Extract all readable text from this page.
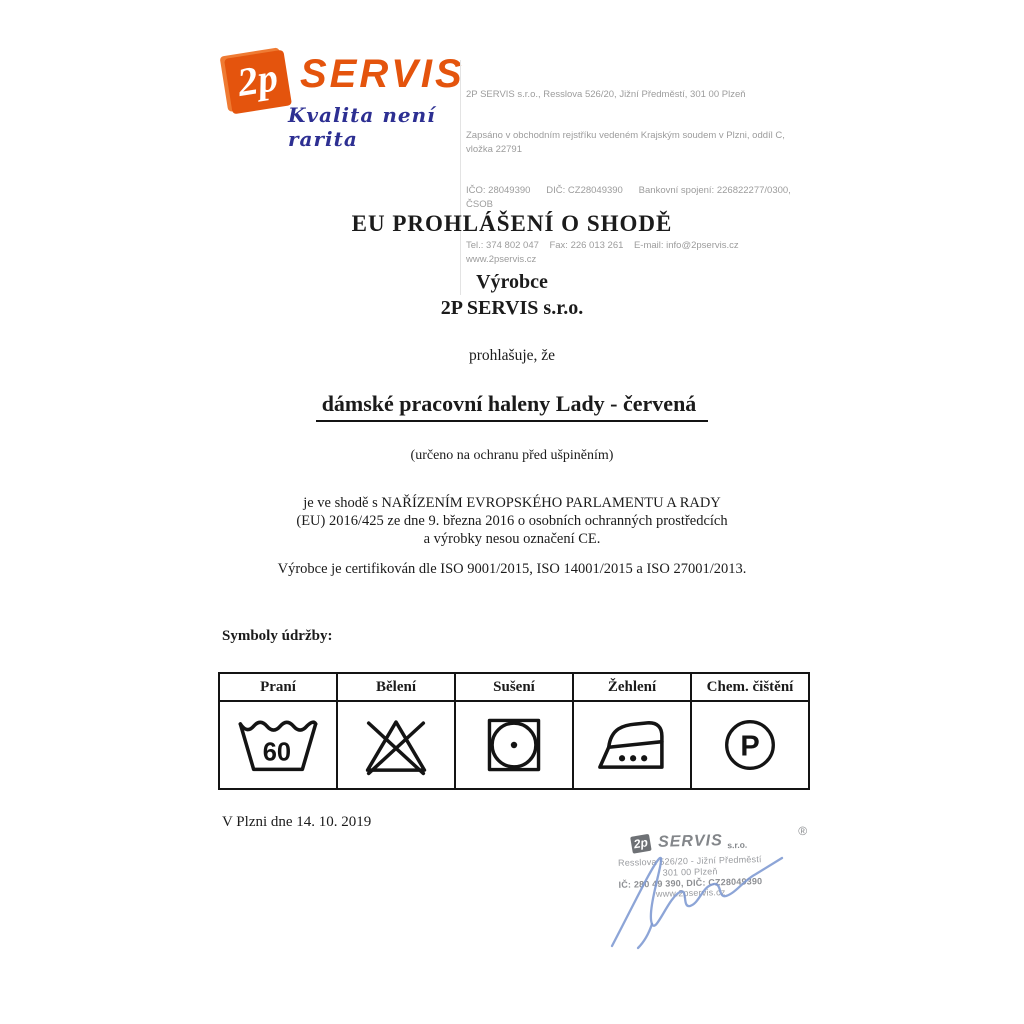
2p SERVIS
Kvalita není rarita

2P SERVIS s.r.o., Resslova 526/20, Jižní Předměstí, 301 00 Plzeň

Zapsáno v obchodním rejstříku vedeném Krajským soudem v Plzni, oddíl C, vložka 22791

IČO: 28049390      DIČ: CZ28049390      Bankovní spojení: 226822277/0300, ČSOB

Tel.: 374 802 047    Fax: 226 013 261    E-mail: info@2pservis.cz     www.2pservis.cz

EU PROHLÁŠENÍ O SHODĚ
Výrobce
2P SERVIS s.r.o.
prohlašuje, že
dámské pracovní haleny Lady - červená
(určeno na ochranu před ušpiněním)
je ve shodě s NAŘÍZENÍM EVROPSKÉHO PARLAMENTU A RADY
(EU) 2016/425 ze dne 9. března 2016 o osobních ochranných prostředcích
a výrobky nesou označení CE.
Výrobce je certifikován dle ISO 9001/2015, ISO 14001/2015 a ISO 27001/2013.
Symboly údržby:
Praní	Bělení	Sušení	Žehlení	Chem. čištění

60				P
V Plzni dne 14. 10. 2019
2p SERVIS s.r.o.
®
Resslova 526/20 - Jižní Předměstí
301 00 Plzeň
IČ: 280 49 390, DIČ: CZ28049390
www.2pservis.cz
